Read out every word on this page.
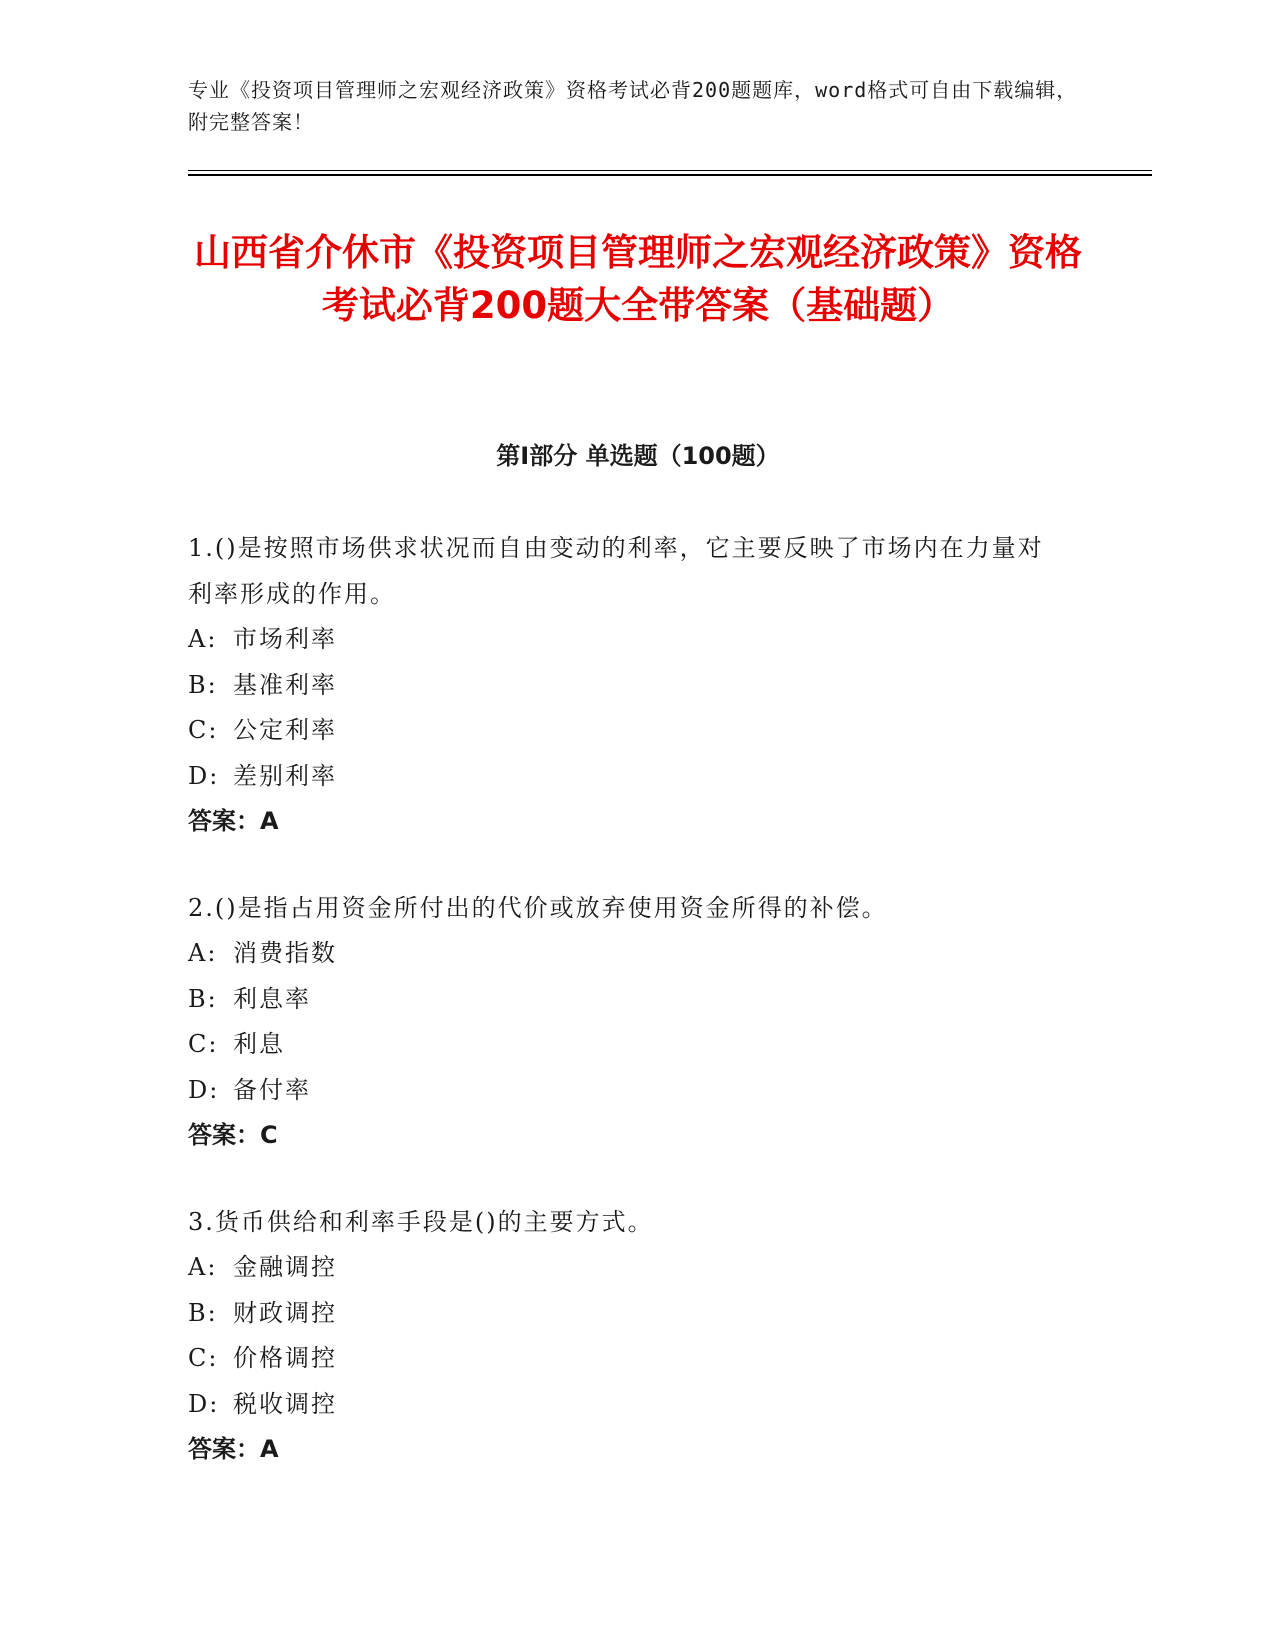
专业《投资项目管理师之宏观经济政策》资格考试必背200题题库，word格式可自由下载编辑，附完整答案！
山西省介休市《投资项目管理师之宏观经济政策》资格考试必背200题大全带答案（基础题）
第I部分 单选题（100题）
1.()是按照市场供求状况而自由变动的利率，它主要反映了市场内在力量对利率形成的作用。
A: 市场利率
B: 基准利率
C: 公定利率
D: 差别利率
答案：A
2.()是指占用资金所付出的代价或放弃使用资金所得的补偿。
A: 消费指数
B: 利息率
C: 利息
D: 备付率
答案：C
3.货币供给和利率手段是()的主要方式。
A: 金融调控
B: 财政调控
C: 价格调控
D: 税收调控
答案：A
